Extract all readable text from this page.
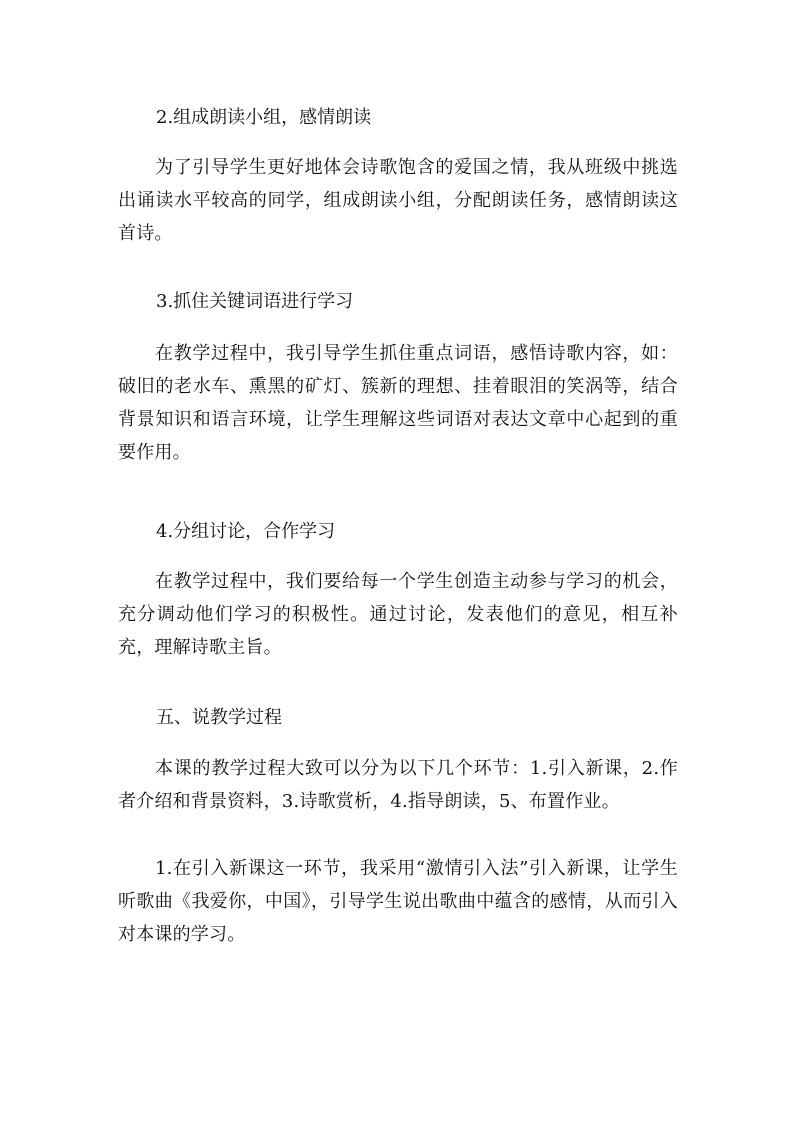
2.组成朗读小组，感情朗读

为了引导学生更好地体会诗歌饱含的爱国之情，我从班级中挑选出诵读水平较高的同学，组成朗读小组，分配朗读任务，感情朗读这首诗。

3.抓住关键词语进行学习

在教学过程中，我引导学生抓住重点词语，感悟诗歌内容，如：破旧的老水车、熏黑的矿灯、簇新的理想、挂着眼泪的笑涡等，结合背景知识和语言环境，让学生理解这些词语对表达文章中心起到的重要作用。

4.分组讨论，合作学习

在教学过程中，我们要给每一个学生创造主动参与学习的机会，充分调动他们学习的积极性。通过讨论，发表他们的意见，相互补充，理解诗歌主旨。

五、说教学过程

本课的教学过程大致可以分为以下几个环节：1.引入新课，2.作者介绍和背景资料，3.诗歌赏析，4.指导朗读，5、布置作业。

1.在引入新课这一环节，我采用“激情引入法”引入新课，让学生听歌曲《我爱你，中国》，引导学生说出歌曲中蕴含的感情，从而引入对本课的学习。
